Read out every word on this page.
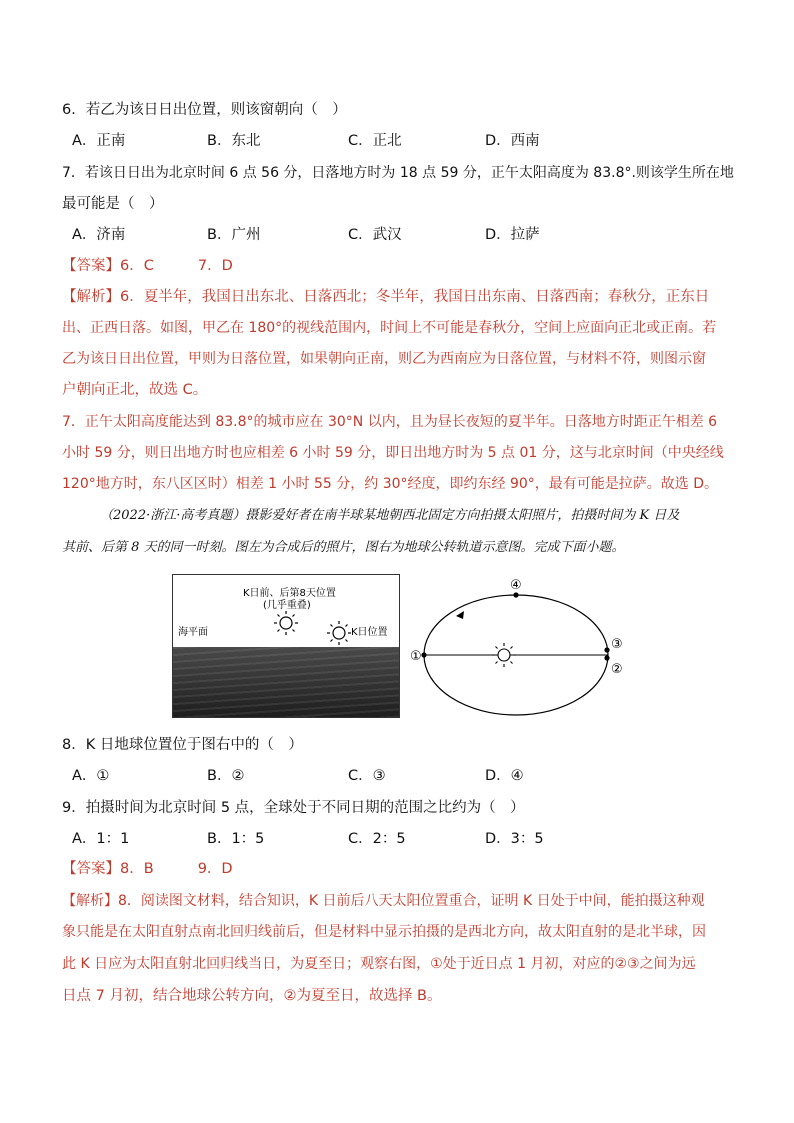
6．若乙为该日日出位置，则该窗朝向（　）
A．正南	B．东北	C．正北	D．西南
7．若该日日出为北京时间 6 点 56 分，日落地方时为 18 点 59 分，正午太阳高度为 83.8°.则该学生所在地
最可能是（　）
A．济南	B．广州	C．武汉	D．拉萨
【答案】6．C	7．D
【解析】6．夏半年，我国日出东北、日落西北；冬半年，我国日出东南、日落西南；春秋分，正东日
出、正西日落。如图，甲乙在 180°的视线范围内，时间上不可能是春秋分，空间上应面向正北或正南。若
乙为该日日出位置，甲则为日落位置，如果朝向正南，则乙为西南应为日落位置，与材料不符，则图示窗
户朝向正北，故选 C。
7．正午太阳高度能达到 83.8°的城市应在 30°N 以内，且为昼长夜短的夏半年。日落地方时距正午相差 6
小时 59 分，则日出地方时也应相差 6 小时 59 分，即日出地方时为 5 点 01 分，这与北京时间（中央经线
120°地方时，东八区区时）相差 1 小时 55 分，约 30°经度，即约东经 90°，最有可能是拉萨。故选 D。
（2022·浙江·高考真题）摄影爱好者在南半球某地朝西北固定方向拍摄太阳照片，拍摄时间为 K 日及
其前、后第 8 天的同一时刻。图左为合成后的照片，图右为地球公转轨道示意图。完成下面小题。
K日前、后第8天位置
(几乎重叠)
海平面	K日位置
①
②
③
④
8．K 日地球位置位于图右中的（　）
A．①	B．②	C．③	D．④
9．拍摄时间为北京时间 5 点，全球处于不同日期的范围之比约为（　）
A．1：1	B．1：5	C．2：5	D．3：5
【答案】8．B	9．D
【解析】8．阅读图文材料，结合知识，K 日前后八天太阳位置重合，证明 K 日处于中间，能拍摄这种观
象只能是在太阳直射点南北回归线前后，但是材料中显示拍摄的是西北方向，故太阳直射的是北半球，因
此 K 日应为太阳直射北回归线当日，为夏至日；观察右图，①处于近日点 1 月初，对应的②③之间为远
日点 7 月初，结合地球公转方向，②为夏至日，故选择 B。
